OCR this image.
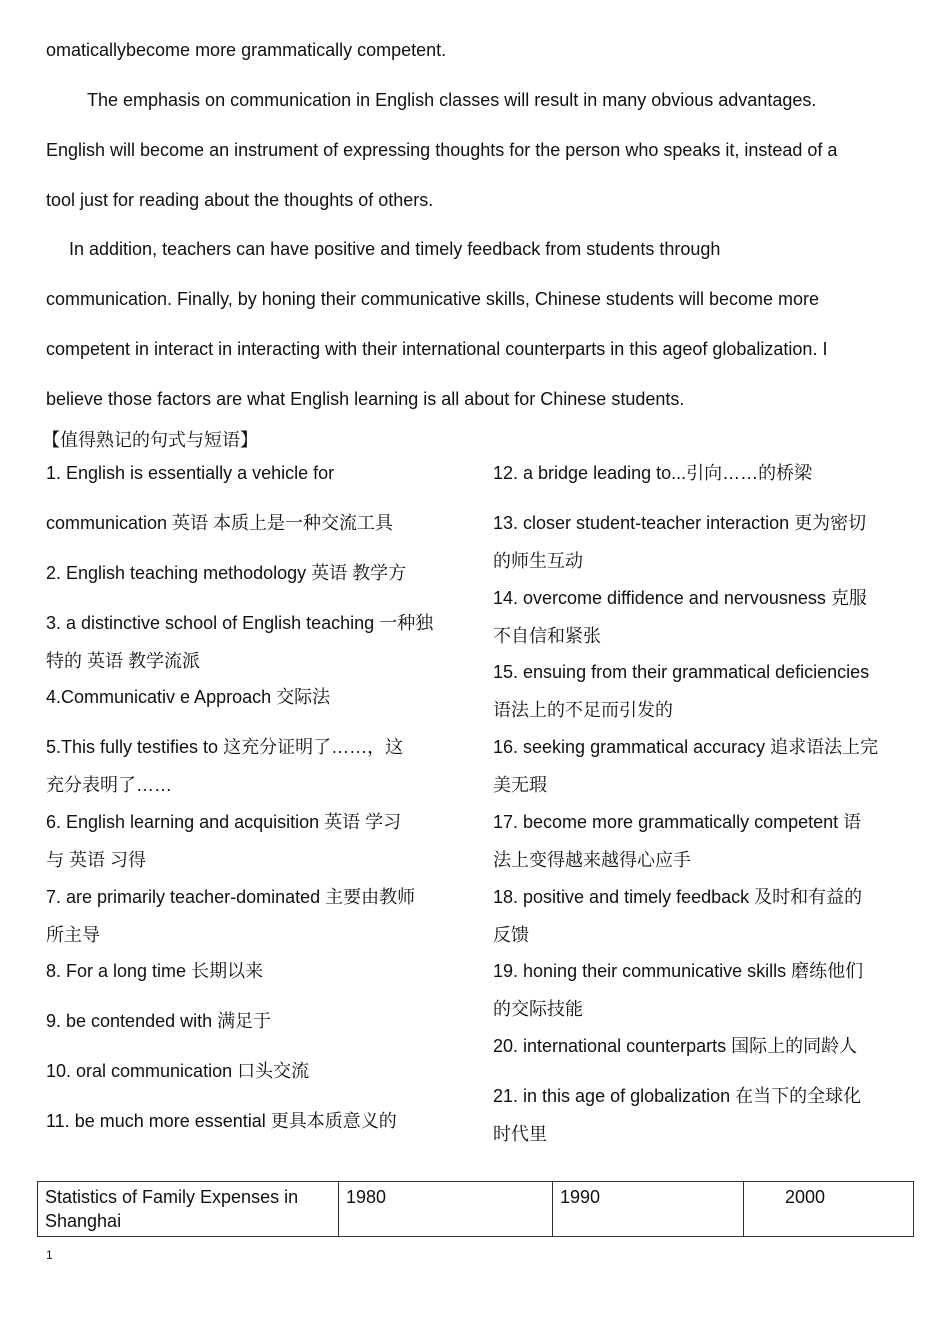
omaticallybecome more grammatically competent.
The emphasis on communication in English classes will result in many obvious advantages.
English will become an instrument of expressing thoughts for the person who speaks it, instead of a
tool just for reading about the thoughts of others.
In addition, teachers can have positive and timely feedback from students through
communication. Finally, by honing their communicative skills, Chinese students will become more
competent in interact in interacting with their international counterparts in this ageof globalization. I
believe those factors are what English learning is all about for Chinese students.
【值得熟记的句式与短语】
1. English is essentially a vehicle for
communication 英语 本质上是一种交流工具
2. English teaching methodology 英语 教学方
3. a distinctive school of English teaching 一种独
特的 英语 教学流派
4.Communicativ e Approach 交际法
5.This fully testifies to 这充分证明了……，这
充分表明了……
6. English learning and acquisition 英语 学习
与 英语 习得
7. are primarily teacher-dominated 主要由教师
所主导
8. For a long time 长期以来
9. be contended with 满足于
10. oral communication 口头交流
11. be much more essential 更具本质意义的
12. a bridge leading to...引向……的桥梁
13. closer student-teacher interaction 更为密切
的师生互动
14. overcome diffidence and nervousness 克服
不自信和紧张
15. ensuing from their grammatical deficiencies
语法上的不足而引发的
16. seeking grammatical accuracy 追求语法上完
美无瑕
17. become more grammatically competent 语
法上变得越来越得心应手
18. positive and timely feedback 及时和有益的
反馈
19. honing their communicative skills 磨练他们
的交际技能
20. international counterparts 国际上的同龄人
21. in this age of globalization 在当下的全球化
时代里
Statistics of Family Expenses in Shanghai	1980	1990	2000
1
